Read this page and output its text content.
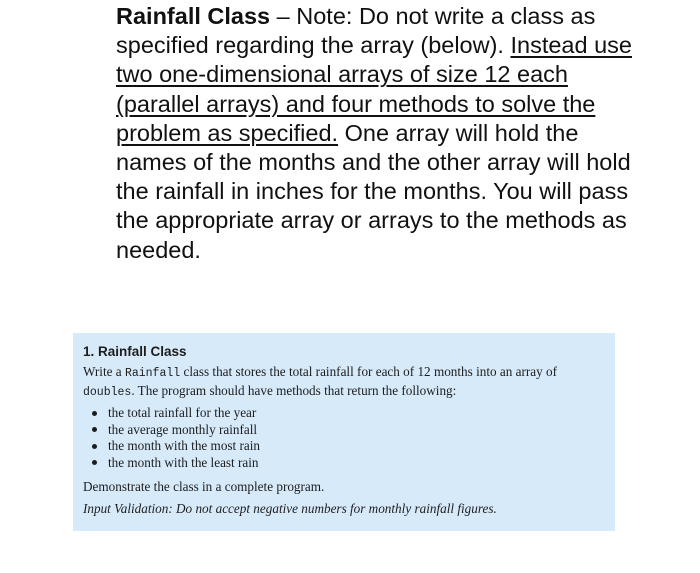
Rainfall Class – Note: Do not write a class as specified regarding the array (below). Instead use two one-dimensional arrays of size 12 each (parallel arrays) and four methods to solve the problem as specified. One array will hold the names of the months and the other array will hold the rainfall in inches for the months. You will pass the appropriate array or arrays to the methods as needed.
1. Rainfall Class
Write a Rainfall class that stores the total rainfall for each of 12 months into an array of doubles. The program should have methods that return the following:
the total rainfall for the year
the average monthly rainfall
the month with the most rain
the month with the least rain
Demonstrate the class in a complete program.
Input Validation: Do not accept negative numbers for monthly rainfall figures.
